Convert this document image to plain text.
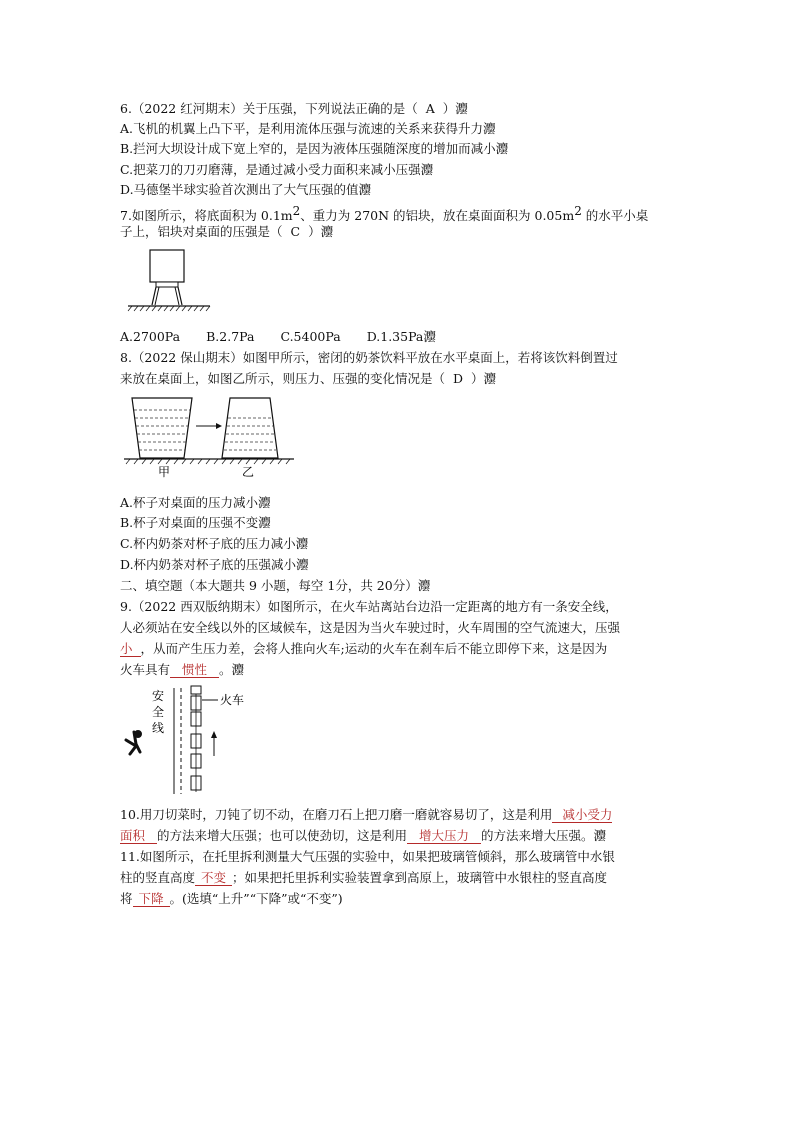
6.（2022 红河期末）关于压强，下列说法正确的是（ A ）灋
A.飞机的机翼上凸下平，是利用流体压强与流速的关系来获得升力灋
B.拦河大坝设计成下宽上窄的，是因为液体压强随深度的增加而减小灋
C.把菜刀的刀刃磨薄，是通过减小受力面积来减小压强灋
D.马德堡半球实验首次测出了大气压强的值灋
7.如图所示，将底面积为 $0.1m^2$、重力为 270N 的铝块，放在桌面面积为 $0.05m^2$ 的水平小桌
子上，铝块对桌面的压强是（ C ）灋
A.2700Pa B.2.7Pa C.5400Pa D.1.35Pa灋
8.（2022 保山期末）如图甲所示，密闭的奶茶饮料平放在水平桌面上，若将该饮料倒置过
来放在桌面上，如图乙所示，则压力、压强的变化情况是（ D ）灋
甲	乙
A.杯子对桌面的压力减小灋
B.杯子对桌面的压强不变灋
C.杯内奶茶对杯子底的压力减小灋
D.杯内奶茶对杯子底的压强减小灋
二、填空题（本大题共 9 小题，每空 1分，共 20分）灋
9.（2022 西双版纳期末）如图所示，在火车站离站台边沿一定距离的地方有一条安全线，
人必须站在安全线以外的区域候车，这是因为当火车驶过时，火车周围的空气流速大，压强
小 ，从而产生压力差，会将人推向火车;运动的火车在刹车后不能立即停下来，这是因为
火车具有 惯性 。灋
安
全
线
火车
10.用刀切菜时，刀钝了切不动，在磨刀石上把刀磨一磨就容易切了，这是利用 减小受力
面积 的方法来增大压强；也可以使劲切，这是利用 增大压力 的方法来增大压强。灋
11.如图所示，在托里拆利测量大气压强的实验中，如果把玻璃管倾斜，那么玻璃管中水银
柱的竖直高度 不变 ；如果把托里拆利实验装置拿到高原上，玻璃管中水银柱的竖直高度
将 下降 。(选填“上升”“下降”或“不变”)
